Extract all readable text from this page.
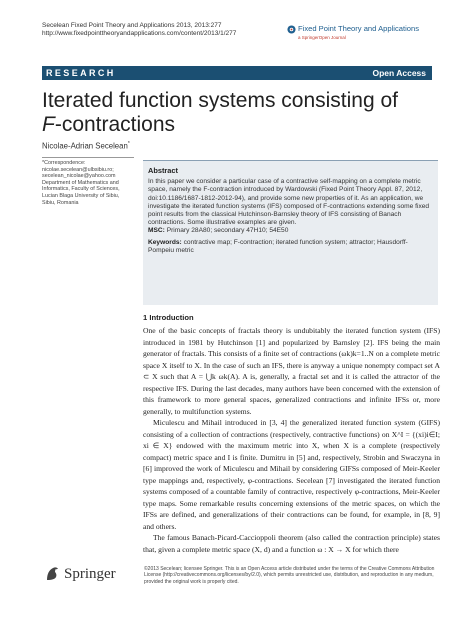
Secelean Fixed Point Theory and Applications 2013, 2013:277
http://www.fixedpointtheoryandapplications.com/content/2013/1/277
Fixed Point Theory and Applications
a SpringerOpen Journal
RESEARCH	Open Access
Iterated function systems consisting of
F-contractions
Nicolae-Adrian Secelean*
*Correspondence:
nicolae.secelean@ulbsibiu.ro;
secelean_nicolae@yahoo.com
Department of Mathematics and
Informatics, Faculty of Sciences,
Lucian Blaga University of Sibiu,
Sibiu, Romania
Abstract
In this paper we consider a particular case of a contractive self-mapping on a complete metric space, namely the F-contraction introduced by Wardowski (Fixed Point Theory Appl. 87, 2012, doi:10.1186/1687-1812-2012-94), and provide some new properties of it. As an application, we investigate the iterated function systems (IFS) composed of F-contractions extending some fixed point results from the classical Hutchinson-Barnsley theory of IFS consisting of Banach contractions. Some illustrative examples are given.
MSC: Primary 28A80; secondary 47H10; 54E50
Keywords: contractive map; F-contraction; iterated function system; attractor; Hausdorff-Pompeiu metric
1 Introduction

One of the basic concepts of fractals theory is undubitably the iterated function system (IFS) introduced in 1981 by Hutchinson [1] and popularized by Barnsley [2]. IFS being the main generator of fractals. This consists of a finite set of contractions (ωk)k=1..N on a complete metric space X itself to X. In the case of such an IFS, there is anyway a unique nonempty compact set A ⊂ X such that A = ⋃k ωk(A). A is, generally, a fractal set and it is called the attractor of the respective IFS. During the last decades, many authors have been concerned with the extension of this framework to more general spaces, generalized contractions and infinite IFSs or, more generally, to multifunction systems.

Miculescu and Mihail introduced in [3, 4] the generalized iterated function system (GIFS) consisting of a collection of contractions (respectively, contractive functions) on X^I = {(xi)i∈I; xi ∈ X} endowed with the maximum metric into X, when X is a complete (respectively compact) metric space and I is finite. Dumitru in [5] and, respectively, Strobin and Swaczyna in [6] improved the work of Miculescu and Mihail by considering GIFSs composed of Meir-Keeler type mappings and, respectively, φ-contractions. Secelean [7] investigated the iterated function systems composed of a countable family of contractive, respectively φ-contractions, Meir-Keeler type maps. Some remarkable results concerning extensions of the metric spaces, on which the IFSs are defined, and generalizations of their contractions can be found, for example, in [8, 9] and others.

The famous Banach-Picard-Caccioppoli theorem (also called the contraction principle) states that, given a complete metric space (X, d) and a function ω : X → X for which there

Springer	©2013 Secelean; licensee Springer. This is an Open Access article distributed under the terms of the Creative Commons Attribution License (http://creativecommons.org/licenses/by/2.0), which permits unrestricted use, distribution, and reproduction in any medium, provided the original work is properly cited.
